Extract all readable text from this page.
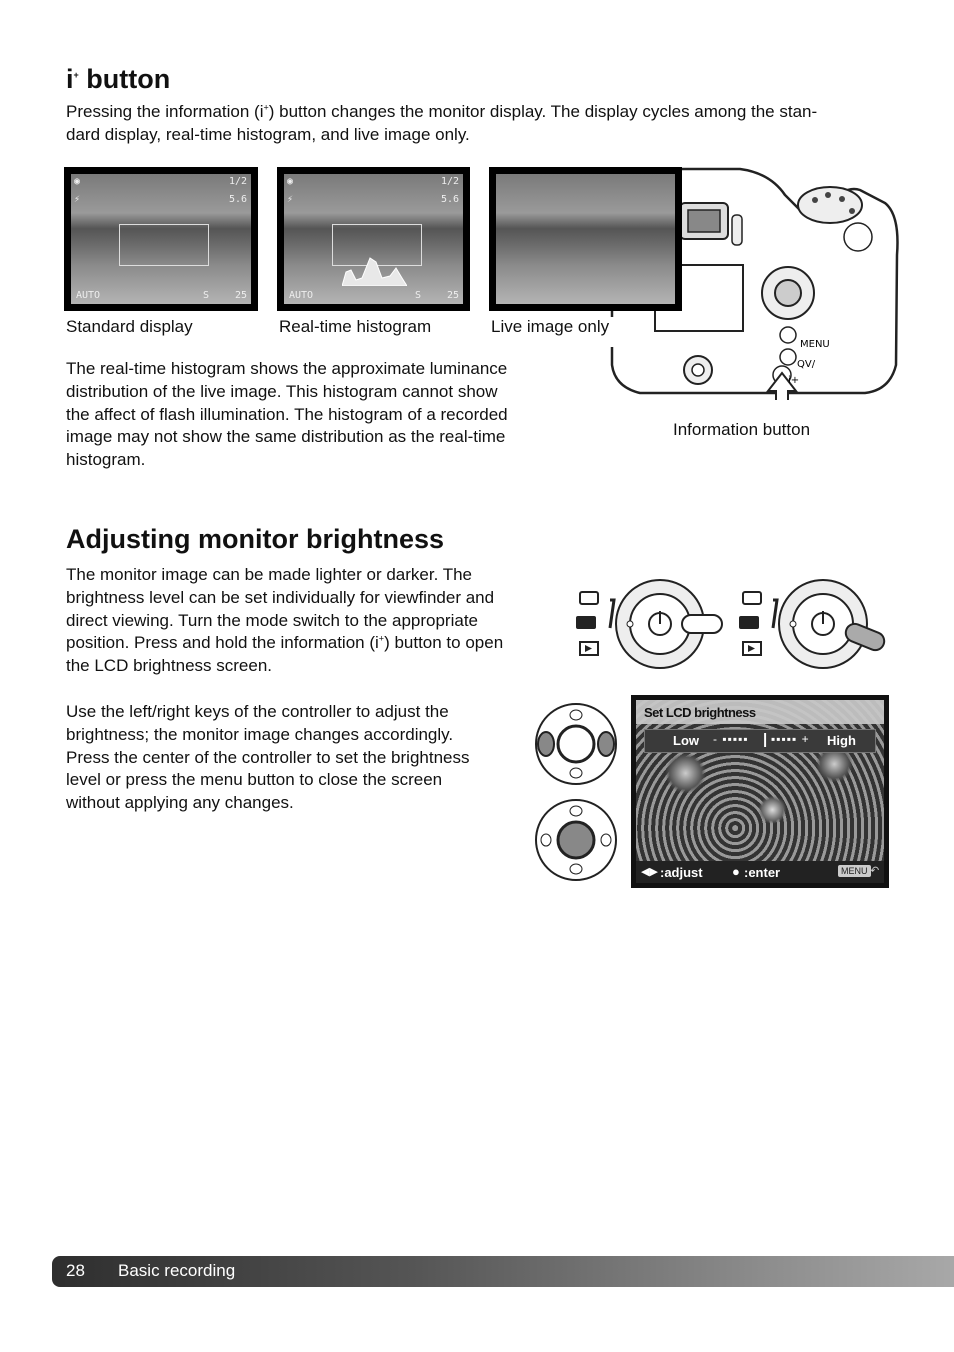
i+ button

Pressing the information (i+) button changes the monitor display. The display cycles among the stan-
dard display, real-time histogram, and live image only.

MENU
QV/
i+
◉
⚡
1/2
5.6
AUTO	S	25
◉
⚡
1/2
5.6
AUTO	S	25
Standard display	Real-time histogram	Live image only
Information button

The real-time histogram shows the approximate luminance
distribution of the live image. This histogram cannot show
the affect of flash illumination. The histogram of a recorded
image may not show the same distribution as the real-time
histogram.

Adjusting monitor brightness

The monitor image can be made lighter or darker. The
brightness level can be set individually for viewfinder and
direct viewing. Turn the mode switch to the appropriate
position. Press and hold the information (i+) button to open
the LCD brightness screen.

Use the left/right keys of the controller to adjust the
brightness; the monitor image changes accordingly.
Press the center of the controller to set the brightness
level or press the menu button to close the screen
without applying any changes.

Set LCD brightness
Low - ▪▪▪▪▪ | ▪▪▪▪▪ + High
◀▶ :adjust ● :enter	MENU ↶
28 Basic recording
